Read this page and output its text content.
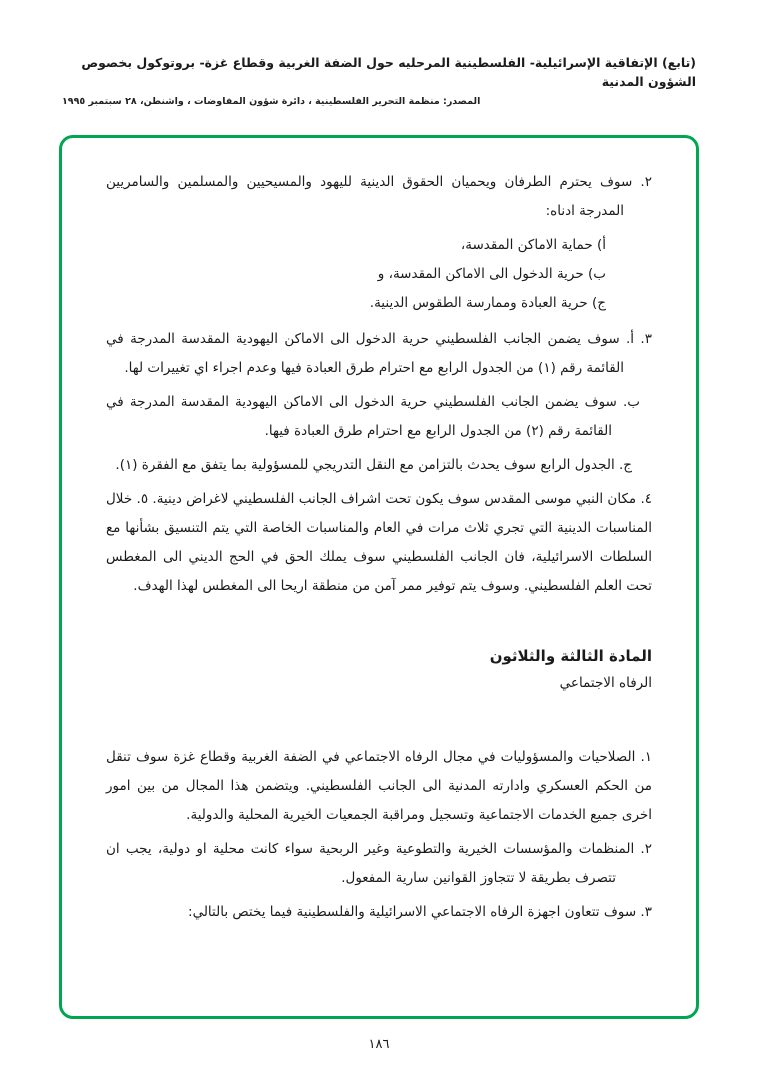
(تابع) الإتفاقية الإسرائيلية- الفلسطينية المرحليه حول الضفة الغربية وقطاع غزة- بروتوكول بخصوص الشؤون المدنية
المصدر: منظمة التحرير الفلسطينية ، دائرة شؤون المفاوضات ، واشنطن، ٢٨ سبتمبر ١٩٩٥

٢. سوف يحترم الطرفان ويحميان الحقوق الدينية لليهود والمسيحيين والمسلمين والسامريين المدرجة ادناه:

أ) حماية الاماكن المقدسة،
ب) حرية الدخول الى الاماكن المقدسة، و
ج) حرية العبادة وممارسة الطقوس الدينية.

٣. أ. سوف يضمن الجانب الفلسطيني حرية الدخول الى الاماكن اليهودية المقدسة المدرجة في القائمة رقم (١) من الجدول الرابع مع احترام طرق العبادة فيها وعدم اجراء اي تغييرات لها.

ب. سوف يضمن الجانب الفلسطيني حرية الدخول الى الاماكن اليهودية المقدسة المدرجة في القائمة رقم (٢) من الجدول الرابع مع احترام طرق العبادة فيها.

ج. الجدول الرابع سوف يحدث بالتزامن مع النقل التدريجي للمسؤولية بما يتفق مع الفقرة (١).

٤. مكان النبي موسى المقدس سوف يكون تحت اشراف الجانب الفلسطيني لاغراض دينية. ٥. خلال المناسبات الدينية التي تجري ثلاث مرات في العام والمناسبات الخاصة التي يتم التنسيق بشأنها مع السلطات الاسرائيلية، فان الجانب الفلسطيني سوف يملك الحق في الحج الديني الى المغطس تحت العلم الفلسطيني. وسوف يتم توفير ممر آمن من منطقة اريحا الى المغطس لهذا الهدف.

المادة الثالثة والثلاثون
الرفاه الاجتماعي

١. الصلاحيات والمسؤوليات في مجال الرفاه الاجتماعي في الضفة الغربية وقطاع غزة سوف تنقل من الحكم العسكري وادارته المدنية الى الجانب الفلسطيني. ويتضمن هذا المجال من بين امور اخرى جميع الخدمات الاجتماعية وتسجيل ومراقبة الجمعيات الخيرية المحلية والدولية.

٢. المنظمات والمؤسسات الخيرية والتطوعية وغير الربحية سواء كانت محلية او دولية، يجب ان تتصرف بطريقة لا تتجاوز القوانين سارية المفعول.

٣. سوف تتعاون اجهزة الرفاه الاجتماعي الاسرائيلية والفلسطينية فيما يختص بالتالي:

١٨٦
